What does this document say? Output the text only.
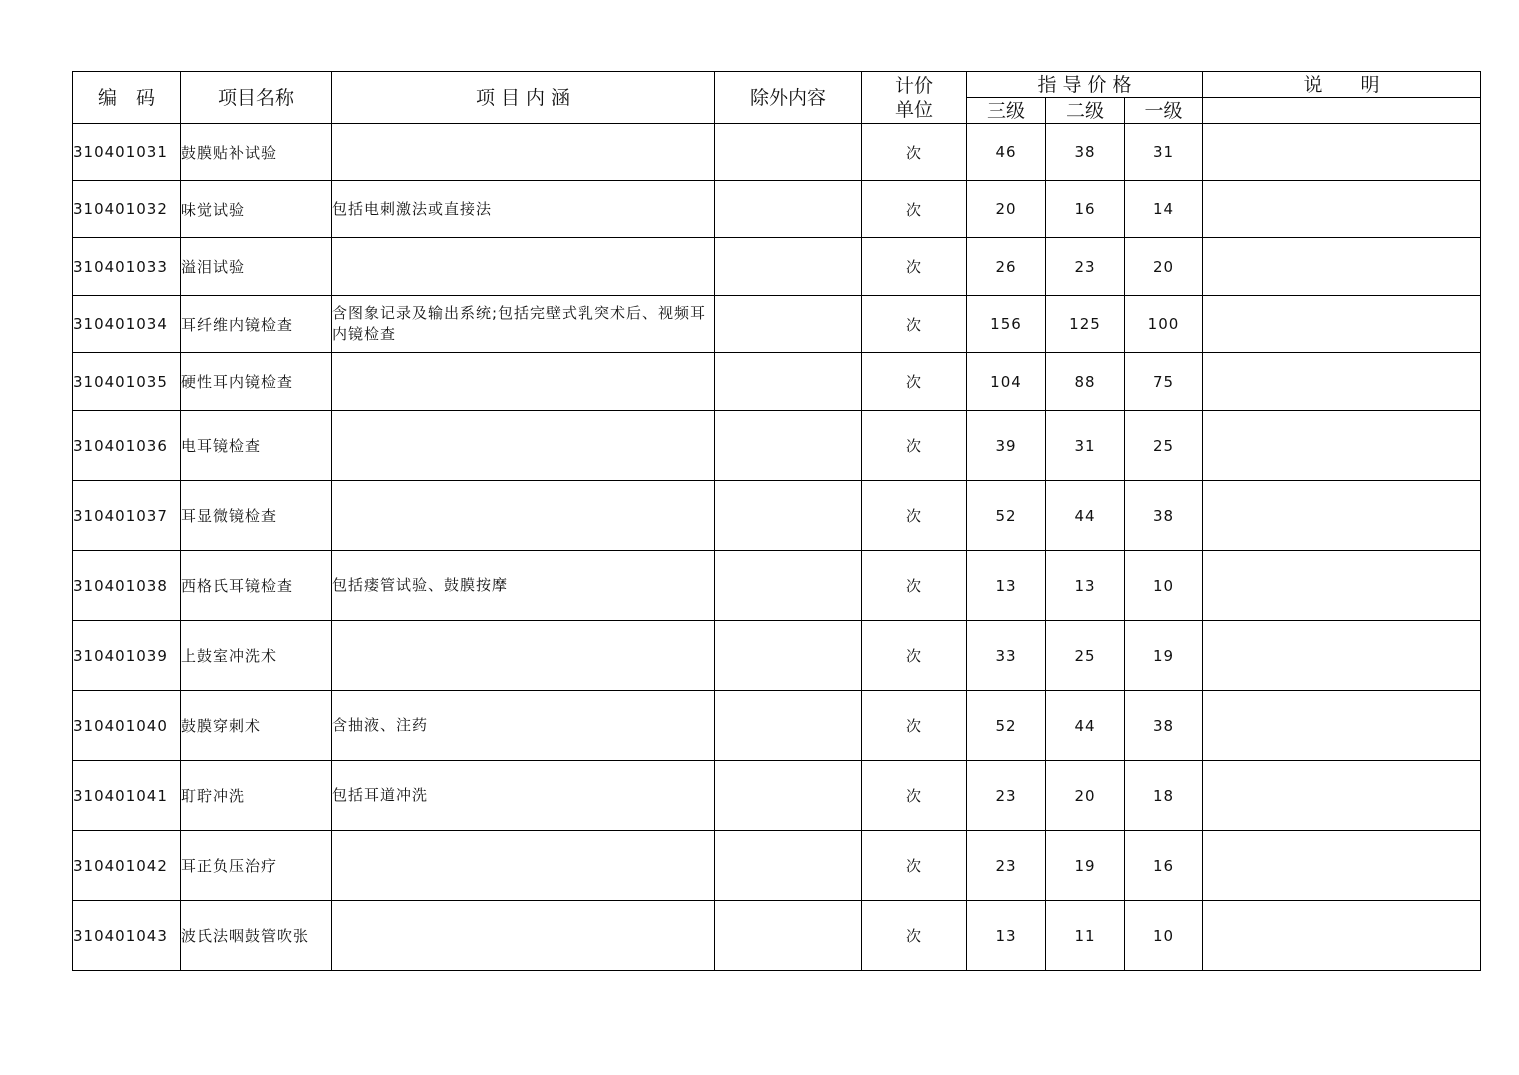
编　码	项目名称	项 目 内 涵	除外内容	计价
单位	指 导 价 格			说　　明
					三级	二级	一级	
310401031	鼓膜贴补试验			次	46	38	31	
310401032	味觉试验	包括电刺激法或直接法		次	20	16	14	
310401033	溢泪试验			次	26	23	20	
310401034	耳纤维内镜检查	含图象记录及输出系统;包括完壁式乳突术后、视频耳内镜检查		次	156	125	100	
310401035	硬性耳内镜检查			次	104	88	75	
310401036	电耳镜检查			次	39	31	25	
310401037	耳显微镜检查			次	52	44	38	
310401038	西格氏耳镜检查	包括瘘管试验、鼓膜按摩		次	13	13	10	
310401039	上鼓室冲洗术			次	33	25	19	
310401040	鼓膜穿刺术	含抽液、注药		次	52	44	38	
310401041	耵聍冲洗	包括耳道冲洗		次	23	20	18	
310401042	耳正负压治疗			次	23	19	16	
310401043	波氏法咽鼓管吹张			次	13	11	10	
